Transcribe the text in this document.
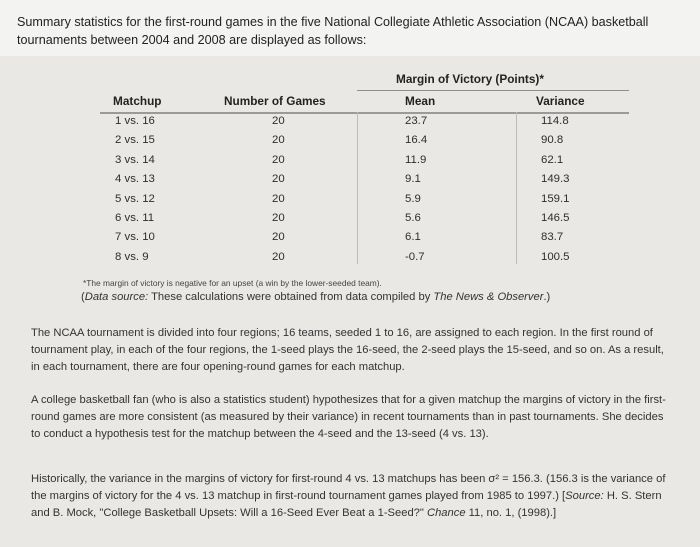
Summary statistics for the first-round games in the five National Collegiate Athletic Association (NCAA) basketball tournaments between 2004 and 2008 are displayed as follows:
Margin of Victory (Points)*
Matchup	Number of Games	Mean	Variance
1 vs. 16	20	23.7	114.8
2 vs. 15	20	16.4	90.8
3 vs. 14	20	11.9	62.1
4 vs. 13	20	9.1	149.3
5 vs. 12	20	5.9	159.1
6 vs. 11	20	5.6	146.5
7 vs. 10	20	6.1	83.7
8 vs. 9	20	-0.7	100.5
*The margin of victory is negative for an upset (a win by the lower-seeded team).
(Data source: These calculations were obtained from data compiled by The News & Observer.)
The NCAA tournament is divided into four regions; 16 teams, seeded 1 to 16, are assigned to each region. In the first round of tournament play, in each of the four regions, the 1-seed plays the 16-seed, the 2-seed plays the 15-seed, and so on. As a result, in each tournament, there are four opening-round games for each matchup.
A college basketball fan (who is also a statistics student) hypothesizes that for a given matchup the margins of victory in the first-round games are more consistent (as measured by their variance) in recent tournaments than in past tournaments. She decides to conduct a hypothesis test for the matchup between the 4-seed and the 13-seed (4 vs. 13).
Historically, the variance in the margins of victory for first-round 4 vs. 13 matchups has been σ² = 156.3. (156.3 is the variance of the margins of victory for the 4 vs. 13 matchup in first-round tournament games played from 1985 to 1997.) [Source: H. S. Stern and B. Mock, "College Basketball Upsets: Will a 16-Seed Ever Beat a 1-Seed?" Chance 11, no. 1, (1998).]
